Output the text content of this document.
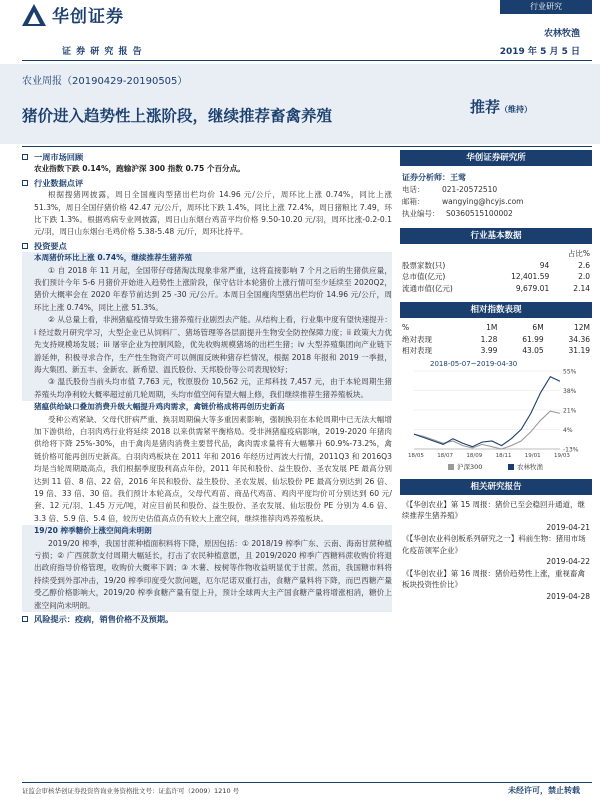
华创证券
证 券 研 究 报 告
行业研究
农林牧渔
2019 年 5 月 5 日
农业周报（20190429-20190505）
猪价进入趋势性上涨阶段，继续推荐畜禽养殖	推荐（维持）
一周市场回顾
农业指数下跌 0.14%，跑输沪深 300 指数 0.75 个百分点。
行业数据点评
根据搜猪网披露，周日全国瘦肉型猪出栏均价 14.96 元/公斤，周环比上涨 0.74%，同比上涨 51.3%，周日全国仔猪价格 42.47 元/公斤，周环比下跌 1.4%，同比上涨 72.4%，周日猪粮比 7.49，环比下跌 1.3%。根据鸡病专业网披露，周日山东烟台鸡苗平均价格 9.50-10.20 元/羽，周环比涨-0.2-0.1 元/羽，周日山东烟台毛鸡价格 5.38-5.48 元/斤，周环比持平。
投资要点
本周猪价环比上涨 0.74%，继续推荐生猪养殖
① 自 2018 年 11 月起，全国带仔母猪淘汰现象非常严重，这将直接影响 7 个月之后的生猪供应量，我们预计今年 5-6 月猪价开始进入趋势性上涨阶段，保守估计本轮猪价上涨行情可至少延续至 2020Q2，猪价大概率会在 2020 年春节前达到 25 -30 元/公斤。本周日全国瘦肉型猪出栏均价 14.96 元/公斤，周环比上涨 0.74%，同比上涨 51.3%。
② 从总量上看，非洲猪瘟疫情导致生猪养殖行业剧烈去产能。从结构上看，行业集中度有望快速提升：i 经过数月研究学习，大型企业已从饲料厂、猪场管理等各层面提升生物安全防控保障力度；ii 政策大力优先支持规模场发展；iii 屠宰企业为控制风险，优先收购规模猪场的出栏生猪；iv 大型养殖集团向产业链下游延伸，积极寻求合作，生产性生物资产可以侧面反映种猪存栏情况，根据 2018 年报和 2019 一季报，海大集团、新五丰、金新农、新希望、温氏股份、天邦股份等公司表现较好；
③ 温氏股份当前头均市值 7,763 元，牧原股份 10,562 元，正邦科技 7,457 元，由于本轮周期生猪养殖头均净利较大概率超过前几轮周期，头均市值空间有望大幅上修，我们继续推荐生猪养殖板块。
猪瘟供给缺口叠加消费升级大幅提升鸡肉需求，禽链价格成将再创历史新高
受种公鸡紧缺、父母代肝病严重、换羽周期偏大等多重因素影响，强制换羽在本轮周期中已无法大幅增加下游供给，白羽肉鸡行业将延续 2018 以来供需紧平衡格局。受非洲猪瘟疫病影响，2019-2020 年猪肉供给将下降 25%-30%，由于禽肉是猪肉消费主要替代品，禽肉需求量将有大幅攀升 60.9%-73.2%，禽链价格可能再创历史新高。白羽肉鸡板块在 2011 年和 2016 年经历过两波大行情，2011Q3 和 2016Q3 均是当轮周期最高点，我们根据季度股利高点年份，2011 年民和股份、益生股份、圣农发展 PE 最高分别达到 11 倍、8 倍、22 倍，2016 年民和股份、益生股份、圣农发展、仙坛股份 PE 最高分别达到 26 倍、19 倍、33 倍、30 倍。我们预计本轮高点，父母代鸡苗、商品代鸡苗、鸡肉平度均价可分别达到 60 元/套、12 元/羽、1.45 万元/吨，对应目前民和股份、益生股份、圣农发展、仙坛股份 PE 分别为 4.6 倍、3.3 倍、5.9 倍、5.4 倍，较历史估值高点仍有较大上涨空间，继续推荐肉鸡养殖板块。
19/20 榨季糖价上涨空间尚未明朗
2019/20 榨季，我国甘蔗种植面积料将下降，原因包括：① 2018/19 榨季广东、云南、海南甘蔗种植亏损；② 广西蔗款支付周期大幅延长，打击了农民种植意愿，且 2019/2020 榨季广西糖料蔗收购价将退出政府指导价格管理，收购价大概率下调；③ 木薯、桉树等作物收益明显优于甘蔗。然而，我国糖市料将持续受到外部冲击，19/20 榨季印度受欠款问题，厄尔尼诺双重打击，食糖产量料将下降，而巴西糖产量受乙醇价格影响大，2019/20 榨季食糖产量有望上升，预计全球两大主产国食糖产量将增涨相消，糖价上涨空间尚未明朗。
风险提示：疫病，销售价格不及预期。
华创证券研究所
证券分析师：王莺
电话：	021-20572510
邮箱：	wangying@hcyjs.com
执业编号： S0360515100002
行业基本数据
		占比%
股票家数(只)	94	2.6
总市值(亿元)	12,401.59	2.0
流通市值(亿元)	9,679.01	2.14
相对指数表现
%	1M	6M	12M
绝对表现	1.28	61.99	34.36
相对表现	3.99	43.05	31.19
2018-05-07~2019-04-30
55%
38%
21%
4%
-13%
18/05 18/07 18/09 18/11 19/01 19/03
沪深300	农林牧渔
相关研究报告
《【华创农业】第 15 周报：猪价已至会稳回升通道，继续推荐生猪养殖》
2019-04-21
《【华创农业科创板系列研究之一】科前生物：猪用市场化疫苗领军企业》
2019-04-22
《【华创农业】第 16 周报：猪价趋势性上涨，重视畜禽板块投资性价比》
2019-04-28
证监会审核华创证券投资咨询业务资格批文号：证监许可（2009）1210 号	未经许可，禁止转载
